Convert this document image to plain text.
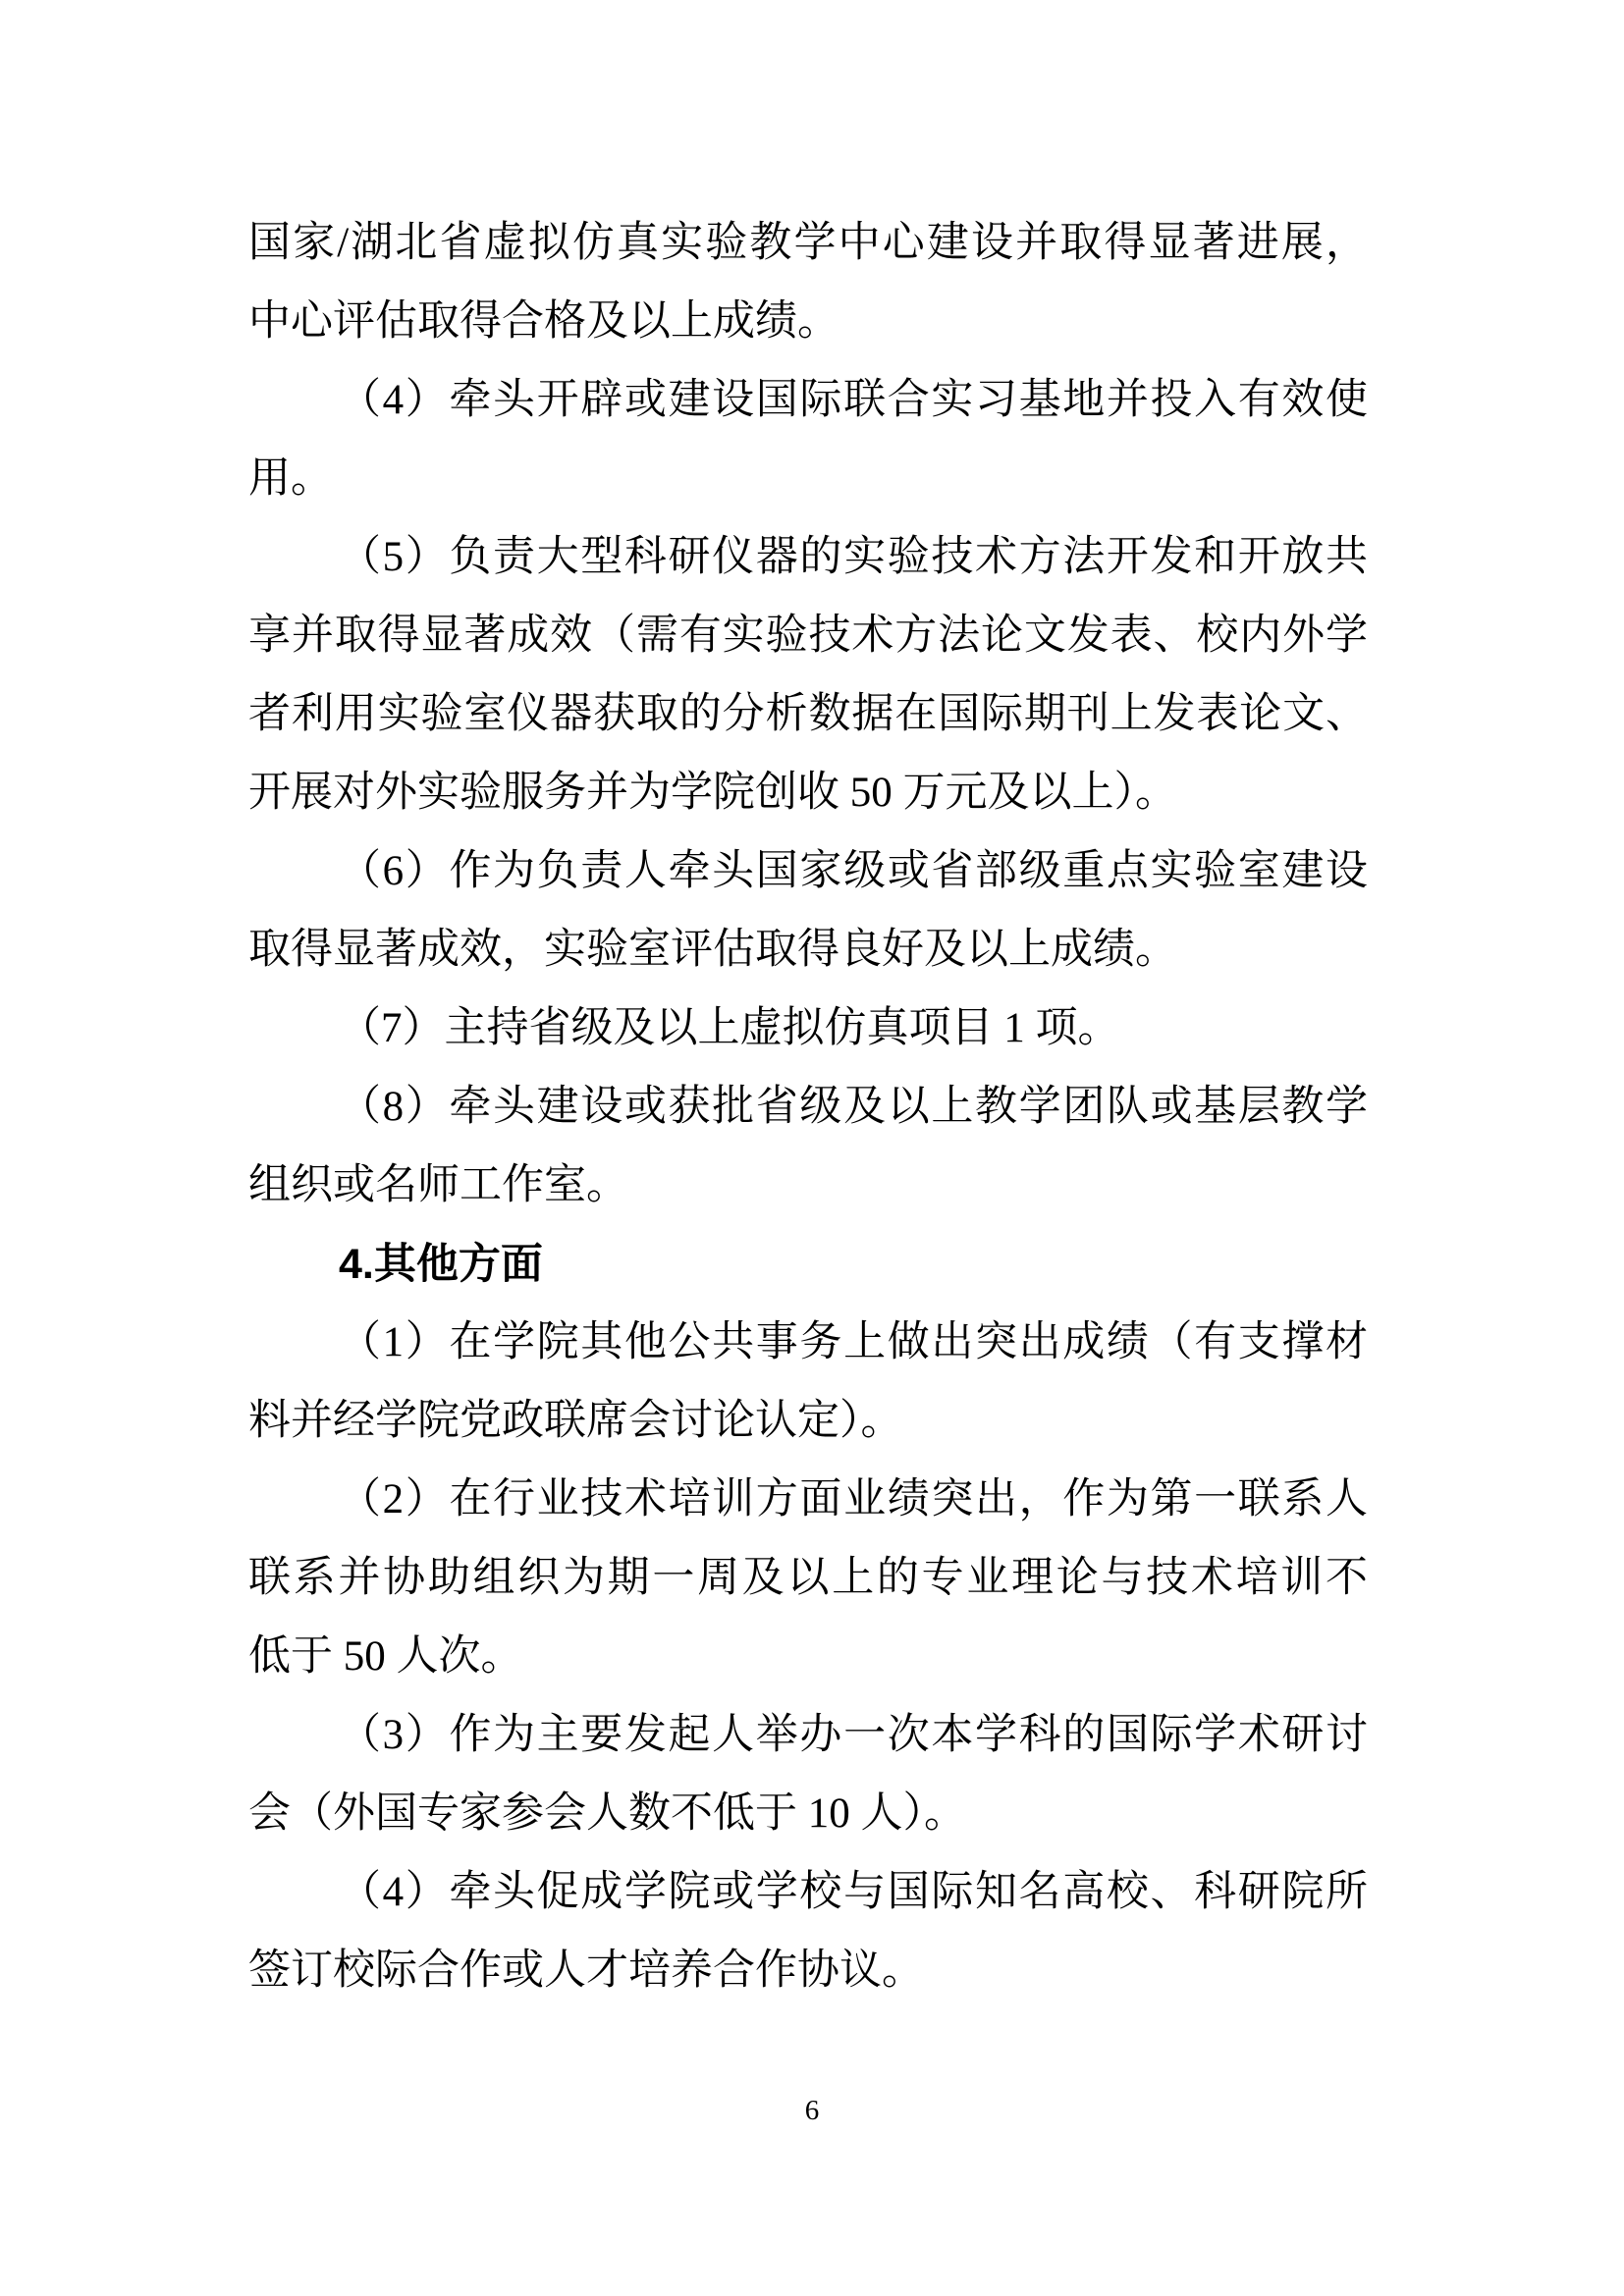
国家/湖北省虚拟仿真实验教学中心建设并取得显著进展，
中心评估取得合格及以上成绩。
（4）牵头开辟或建设国际联合实习基地并投入有效使
用。
（5）负责大型科研仪器的实验技术方法开发和开放共
享并取得显著成效（需有实验技术方法论文发表、校内外学
者利用实验室仪器获取的分析数据在国际期刊上发表论文、
开展对外实验服务并为学院创收 50 万元及以上）。
（6）作为负责人牵头国家级或省部级重点实验室建设
取得显著成效，实验室评估取得良好及以上成绩。
（7）主持省级及以上虚拟仿真项目 1 项。
（8）牵头建设或获批省级及以上教学团队或基层教学
组织或名师工作室。
4.其他方面
（1）在学院其他公共事务上做出突出成绩（有支撑材
料并经学院党政联席会讨论认定）。
（2）在行业技术培训方面业绩突出，作为第一联系人
联系并协助组织为期一周及以上的专业理论与技术培训不
低于 50 人次。
（3）作为主要发起人举办一次本学科的国际学术研讨
会（外国专家参会人数不低于 10 人）。
（4）牵头促成学院或学校与国际知名高校、科研院所
签订校际合作或人才培养合作协议。
6
